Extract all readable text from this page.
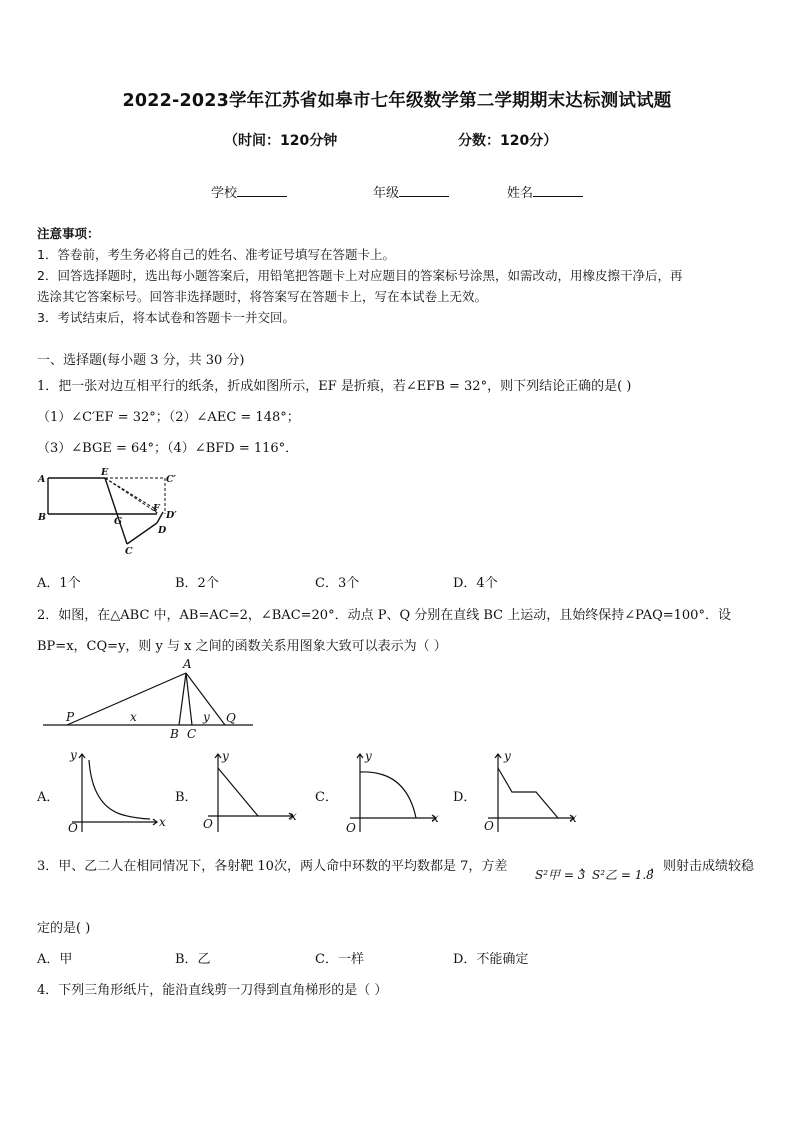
2022-2023学年江苏省如皋市七年级数学第二学期期末达标测试试题
（时间：120分钟	分数：120分）
学校	年级	姓名
注意事项：
1．答卷前，考生务必将自己的姓名、准考证号填写在答题卡上。
2．回答选择题时，选出每小题答案后，用铅笔把答题卡上对应题目的答案标号涂黑，如需改动，用橡皮擦干净后，再
选涂其它答案标号。回答非选择题时，将答案写在答题卡上，写在本试卷上无效。
3．考试结束后，将本试卷和答题卡一并交回。
一、选择题(每小题 3 分，共 30 分)
1．把一张对边互相平行的纸条，折成如图所示，EF 是折痕，若∠EFB = 32°，则下列结论正确的是( )
（1）∠C′EF = 32°；（2）∠AEC = 148°；
（3）∠BGE = 64°；（4）∠BFD = 116°．
A
B
E
C′
F
D′
G
D
C
A．1个	B．2个	C．3个	D．4个
2．如图，在△ABC 中，AB=AC=2，∠BAC=20°．动点 P、Q 分别在直线 BC 上运动，且始终保持∠PAQ=100°．设
BP=x，CQ=y，则 y 与 x 之间的函数关系用图象大致可以表示为（ ）
A
P	x	y Q
B C
A．
y
x
O
B．
y
x
O
C．
y
x
O
D．
y
x
O
3．甲、乙二人在相同情况下，各射靶 10次，两人命中环数的平均数都是 7，方差
S²甲 = 3
，
S²乙 = 1.8
，则射击成绩较稳
定的是( )
A．甲	B．乙	C．一样	D．不能确定
4．下列三角形纸片，能沿直线剪一刀得到直角梯形的是（ ）
